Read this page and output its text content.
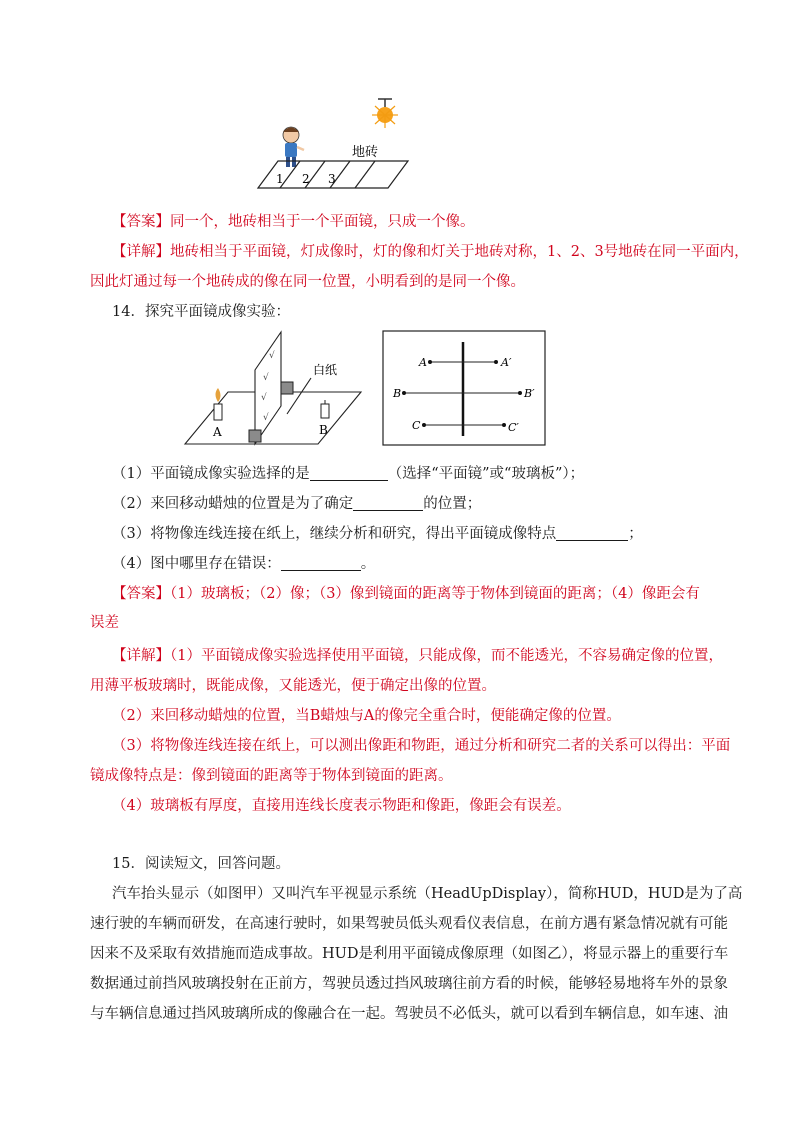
1 2 3
地砖
【答案】同一个，地砖相当于一个平面镜，只成一个像。
【详解】地砖相当于平面镜，灯成像时，灯的像和灯关于地砖对称，1、2、3号地砖在同一平面内，
因此灯通过每一个地砖成的像在同一位置，小明看到的是同一个像。
14．探究平面镜成像实验：
√
√
√
√
白纸
A	B
A	A′
B	B′
C	C′
（1）平面镜成像实验选择的是	（选择“平面镜”或“玻璃板”）；
（2）来回移动蜡烛的位置是为了确定	的位置；
（3）将物像连线连接在纸上，继续分析和研究，得出平面镜成像特点	；
（4）图中哪里存在错误：	。
【答案】（1）玻璃板；（2）像；（3）像到镜面的距离等于物体到镜面的距离；（4）像距会有
误差
【详解】（1）平面镜成像实验选择使用平面镜，只能成像，而不能透光，不容易确定像的位置，
用薄平板玻璃时，既能成像，又能透光，便于确定出像的位置。
（2）来回移动蜡烛的位置，当B蜡烛与A的像完全重合时，便能确定像的位置。
（3）将物像连线连接在纸上，可以测出像距和物距，通过分析和研究二者的关系可以得出：平面
镜成像特点是：像到镜面的距离等于物体到镜面的距离。
（4）玻璃板有厚度，直接用连线长度表示物距和像距，像距会有误差。
15．阅读短文，回答问题。
汽车抬头显示（如图甲）又叫汽车平视显示系统（HeadUpDisplay），简称HUD，HUD是为了高
速行驶的车辆而研发，在高速行驶时，如果驾驶员低头观看仪表信息，在前方遇有紧急情况就有可能
因来不及采取有效措施而造成事故。HUD是利用平面镜成像原理（如图乙），将显示器上的重要行车
数据通过前挡风玻璃投射在正前方，驾驶员透过挡风玻璃往前方看的时候，能够轻易地将车外的景象
与车辆信息通过挡风玻璃所成的像融合在一起。驾驶员不必低头，就可以看到车辆信息，如车速、油
